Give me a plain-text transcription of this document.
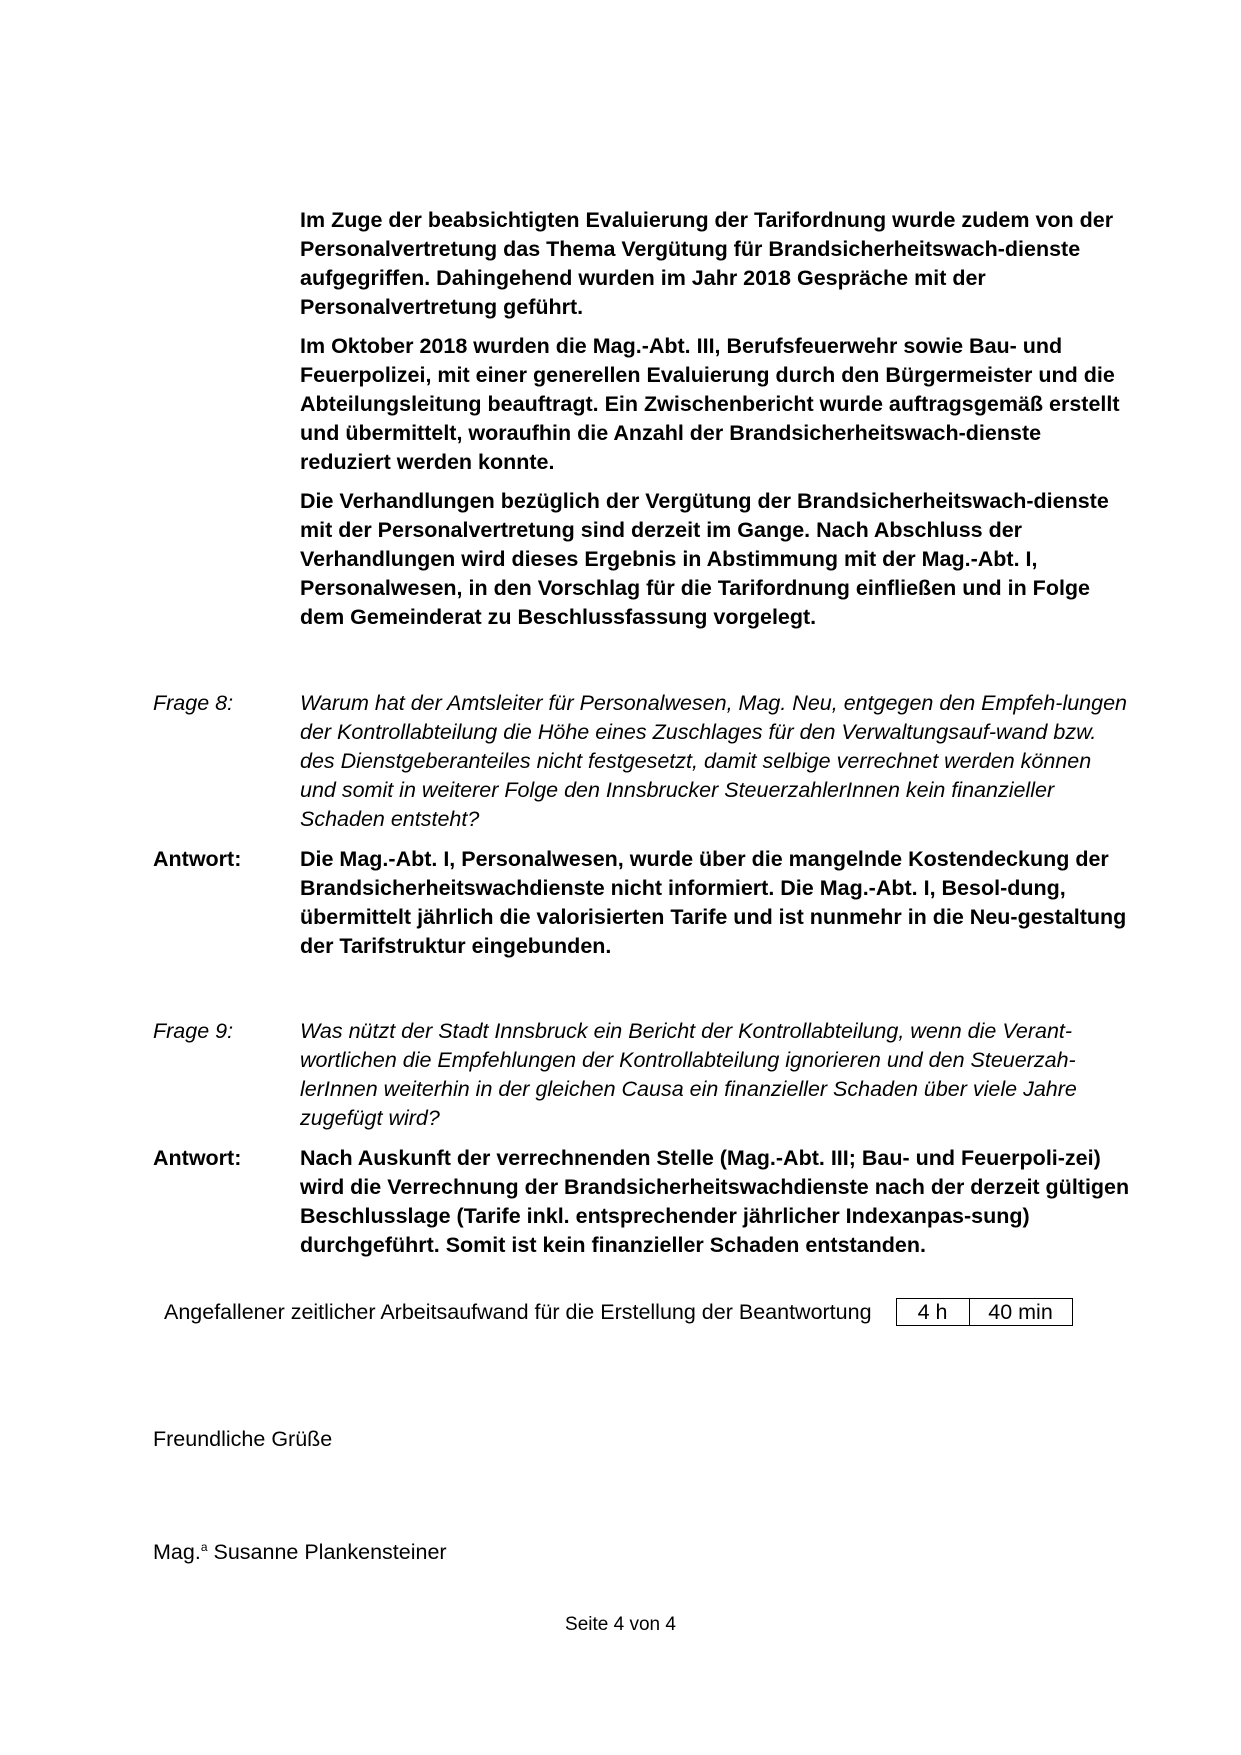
Im Zuge der beabsichtigten Evaluierung der Tarifordnung wurde zudem von der Personalvertretung das Thema Vergütung für Brandsicherheitswach-dienste aufgegriffen. Dahingehend wurden im Jahr 2018 Gespräche mit der Personalvertretung geführt.

Im Oktober 2018 wurden die Mag.-Abt. III, Berufsfeuerwehr sowie Bau- und Feuerpolizei, mit einer generellen Evaluierung durch den Bürgermeister und die Abteilungsleitung beauftragt. Ein Zwischenbericht wurde auftragsgemäß erstellt und übermittelt, woraufhin die Anzahl der Brandsicherheitswach-dienste reduziert werden konnte.

Die Verhandlungen bezüglich der Vergütung der Brandsicherheitswach-dienste mit der Personalvertretung sind derzeit im Gange. Nach Abschluss der Verhandlungen wird dieses Ergebnis in Abstimmung mit der Mag.-Abt. I, Personalwesen, in den Vorschlag für die Tarifordnung einfließen und in Folge dem Gemeinderat zu Beschlussfassung vorgelegt.

Frage 8:	Warum hat der Amtsleiter für Personalwesen, Mag. Neu, entgegen den Empfeh-lungen der Kontrollabteilung die Höhe eines Zuschlages für den Verwaltungsauf-wand bzw. des Dienstgeberanteiles nicht festgesetzt, damit selbige verrechnet werden können und somit in weiterer Folge den Innsbrucker SteuerzahlerInnen kein finanzieller Schaden entsteht?
Antwort:	Die Mag.-Abt. I, Personalwesen, wurde über die mangelnde Kostendeckung der Brandsicherheitswachdienste nicht informiert. Die Mag.-Abt. I, Besol-dung, übermittelt jährlich die valorisierten Tarife und ist nunmehr in die Neu-gestaltung der Tarifstruktur eingebunden.
Frage 9:	Was nützt der Stadt Innsbruck ein Bericht der Kontrollabteilung, wenn die Verant-wortlichen die Empfehlungen der Kontrollabteilung ignorieren und den Steuerzah-lerInnen weiterhin in der gleichen Causa ein finanzieller Schaden über viele Jahre zugefügt wird?
Antwort:	Nach Auskunft der verrechnenden Stelle (Mag.-Abt. III; Bau- und Feuerpoli-zei) wird die Verrechnung der Brandsicherheitswachdienste nach der derzeit gültigen Beschlusslage (Tarife inkl. entsprechender jährlicher Indexanpas-sung) durchgeführt. Somit ist kein finanzieller Schaden entstanden.
Angefallener zeitlicher Arbeitsaufwand für die Erstellung der Beantwortung	4 h	40 min
Freundliche Grüße
Mag.$^a$ Susanne Plankensteiner
Seite 4 von 4
